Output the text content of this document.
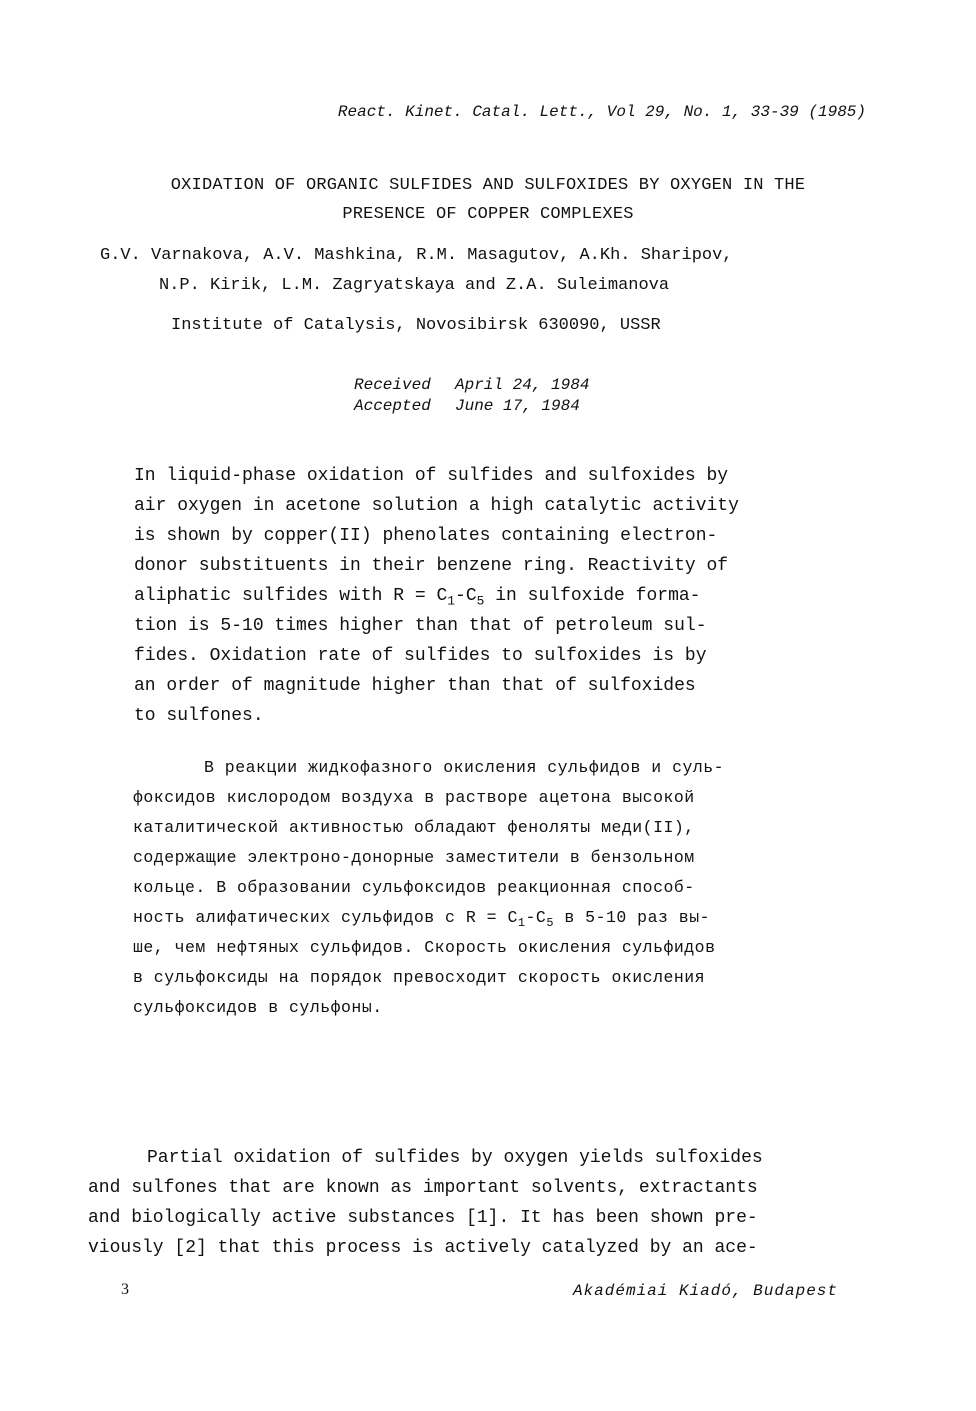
React. Kinet. Catal. Lett., Vol 29, No. 1, 33-39 (1985)
OXIDATION OF ORGANIC SULFIDES AND SULFOXIDES BY OXYGEN IN THE
PRESENCE OF COPPER COMPLEXES
G.V. Varnakova, A.V. Mashkina, R.M. Masagutov, A.Kh. Sharipov,
N.P. Kirik, L.M. Zagryatskaya and Z.A. Suleimanova
Institute of Catalysis, Novosibirsk 630090, USSR
Received April 24, 1984
Accepted June 17, 1984
In liquid-phase oxidation of sulfides and sulfoxides by
air oxygen in acetone solution a high catalytic activity
is shown by copper(II) phenolates containing electron-
donor substituents in their benzene ring. Reactivity of
aliphatic sulfides with $R = C_1-C_5$ in sulfoxide forma-
tion is 5-10 times higher than that of petroleum sul-
fides. Oxidation rate of sulfides to sulfoxides is by
an order of magnitude higher than that of sulfoxides
to sulfones.
В реакции жидкофазного окисления сульфидов и суль-
фоксидов кислородом воздуха в растворе ацетона высокой
каталитической активностью обладают феноляты меди(II),
содержащие электроно-донорные заместители в бензольном
кольце. В образовании сульфоксидов реакционная способ-
ность алифатических сульфидов с $R = C_1-C_5$ в 5-10 раз вы-
ше, чем нефтяных сульфидов. Скорость окисления сульфидов
в сульфоксиды на порядок превосходит скорость окисления
сульфоксидов в сульфоны.
Partial oxidation of sulfides by oxygen yields sulfoxides
and sulfones that are known as important solvents, extractants
and biologically active substances [1]. It has been shown pre-
viously [2] that this process is actively catalyzed by an ace-
3	Akadémiai Kiadó, Budapest
